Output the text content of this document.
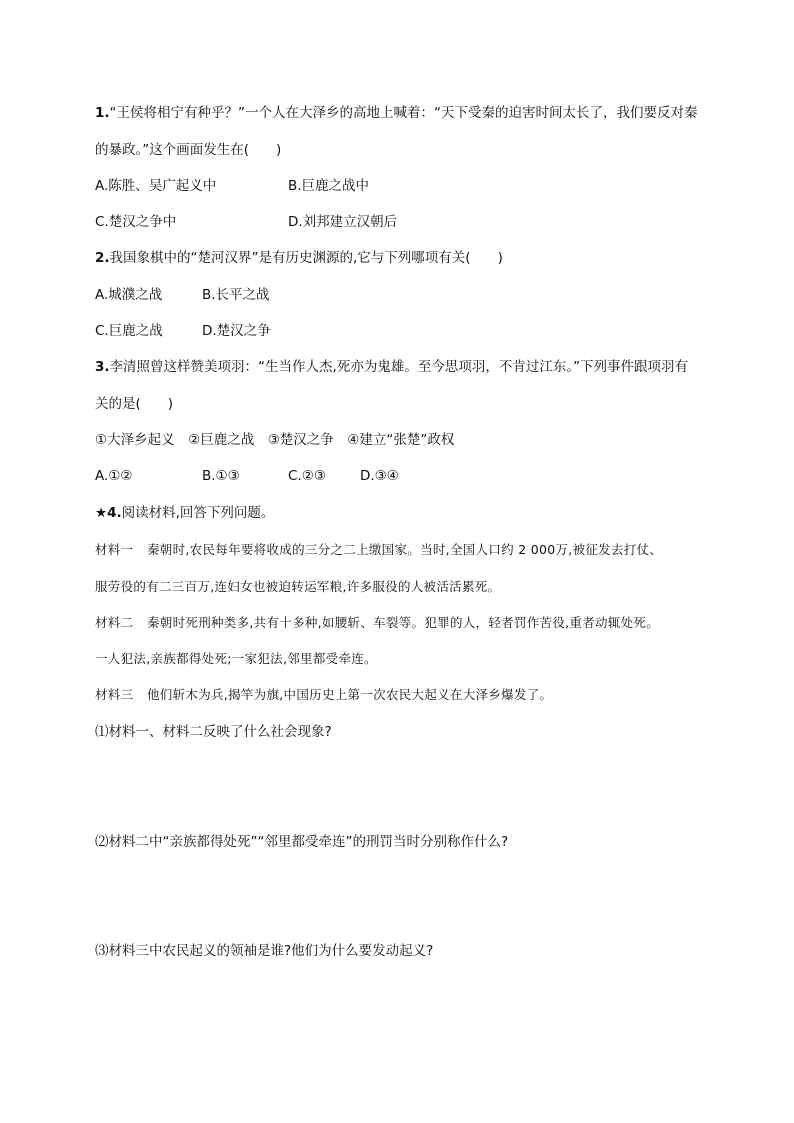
1.“王侯将相宁有种乎？”一个人在大泽乡的高地上喊着：“天下受秦的迫害时间太长了，我们要反对秦
的暴政。”这个画面发生在(　　)
A.陈胜、吴广起义中	B.巨鹿之战中
C.楚汉之争中	D.刘邦建立汉朝后
2.我国象棋中的“楚河汉界”是有历史渊源的,它与下列哪项有关(　　)
A.城濮之战	B.长平之战
C.巨鹿之战	D.楚汉之争
3.李清照曾这样赞美项羽：“生当作人杰,死亦为鬼雄。至今思项羽，不肯过江东。”下列事件跟项羽有
关的是(　　)
①大泽乡起义　②巨鹿之战　③楚汉之争　④建立“张楚”政权
A.①②	B.①③	C.②③	D.③④
★4.阅读材料,回答下列问题。
材料一 秦朝时,农民每年要将收成的三分之二上缴国家。当时,全国人口约 2 000万,被征发去打仗、
服劳役的有二三百万,连妇女也被迫转运军粮,许多服役的人被活活累死。
材料二 秦朝时死刑种类多,共有十多种,如腰斩、车裂等。犯罪的人，轻者罚作苦役,重者动辄处死。
一人犯法,亲族都得处死;一家犯法,邻里都受牵连。
材料三 他们斩木为兵,揭竿为旗,中国历史上第一次农民大起义在大泽乡爆发了。
⑴材料一、材料二反映了什么社会现象?
⑵材料二中“亲族都得处死”“邻里都受牵连”的刑罚当时分别称作什么?
⑶材料三中农民起义的领袖是谁?他们为什么要发动起义?
